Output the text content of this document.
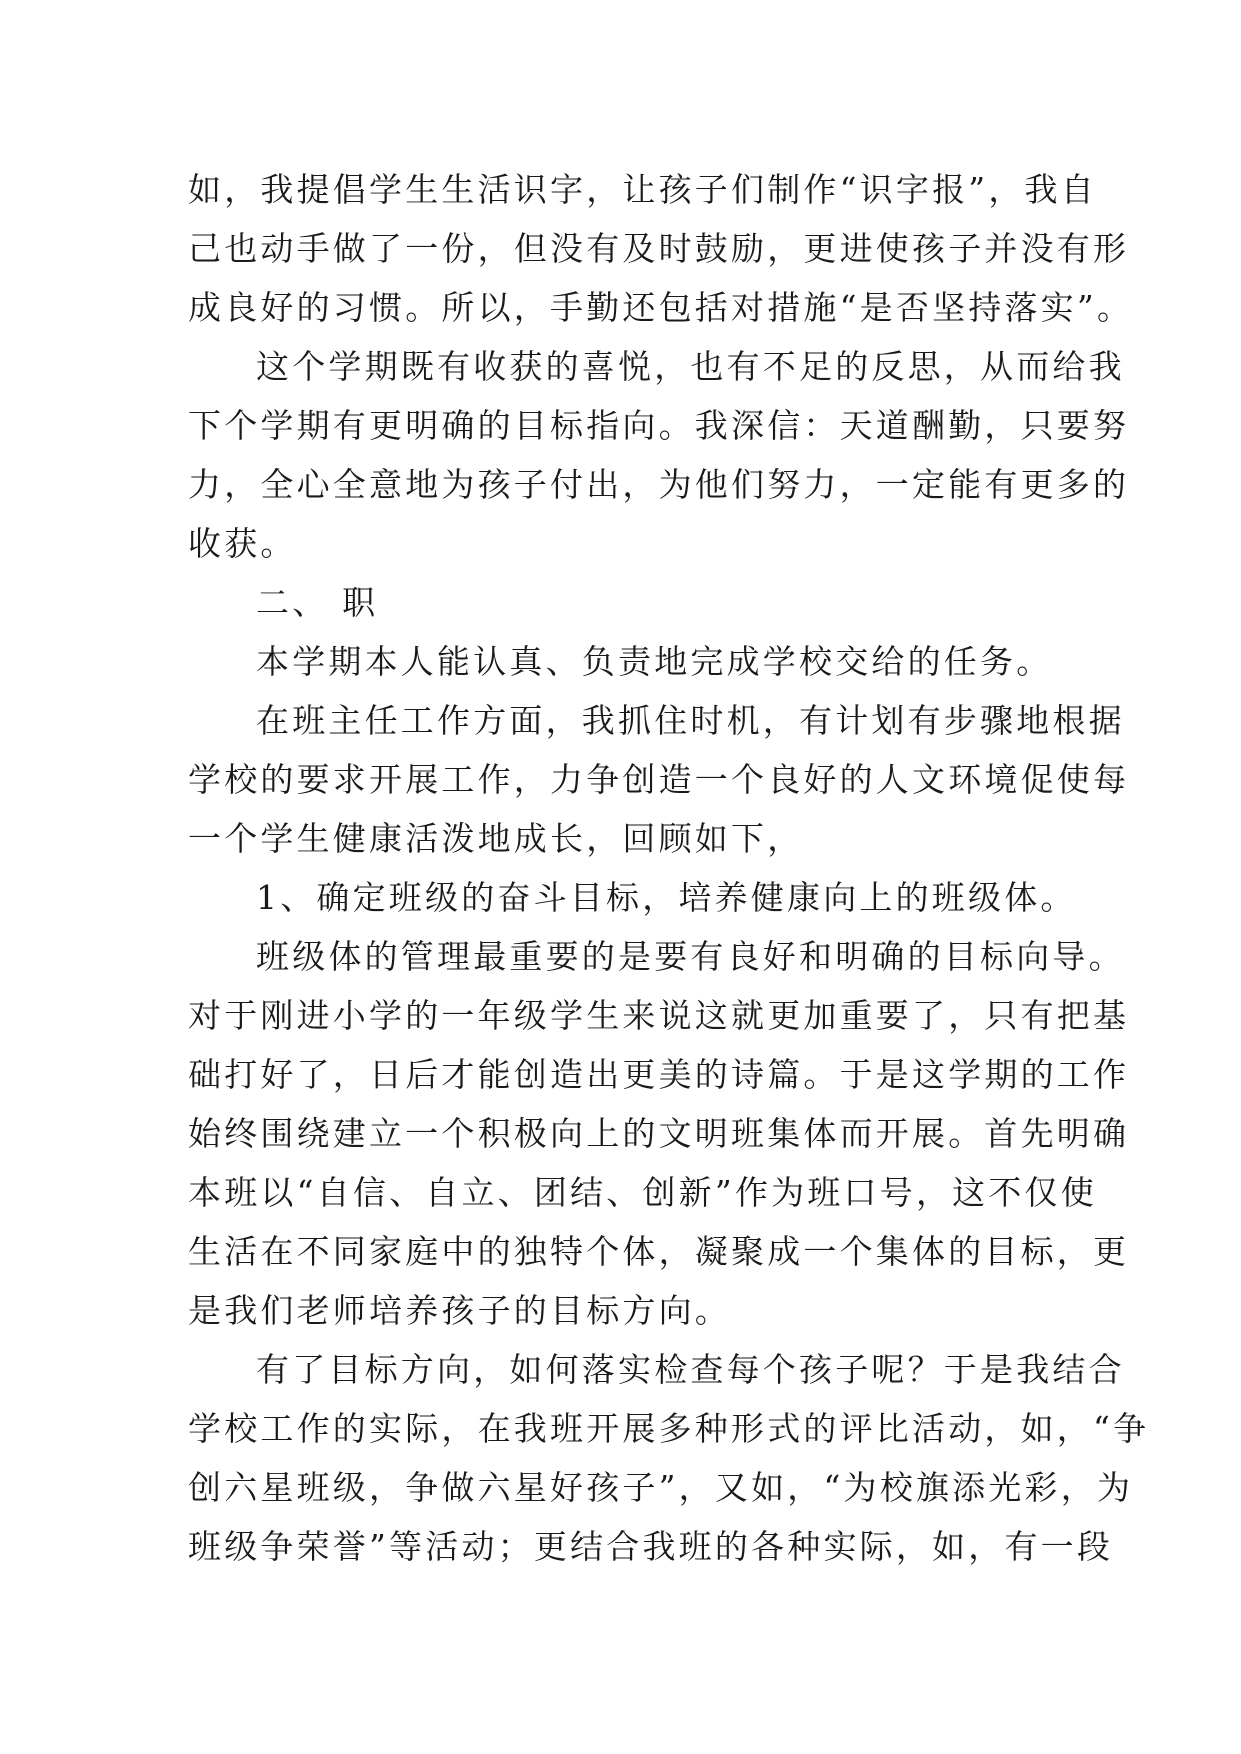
如，我提倡学生生活识字，让孩子们制作“识字报”，我自
己也动手做了一份，但没有及时鼓励，更进使孩子并没有形
成良好的习惯。所以，手勤还包括对措施“是否坚持落实”。
这个学期既有收获的喜悦，也有不足的反思，从而给我
下个学期有更明确的目标指向。我深信：天道酬勤，只要努
力，全心全意地为孩子付出，为他们努力，一定能有更多的
收获。
二、 职
本学期本人能认真、负责地完成学校交给的任务。
在班主任工作方面，我抓住时机，有计划有步骤地根据
学校的要求开展工作，力争创造一个良好的人文环境促使每
一个学生健康活泼地成长，回顾如下，
1、确定班级的奋斗目标，培养健康向上的班级体。
班级体的管理最重要的是要有良好和明确的目标向导。
对于刚进小学的一年级学生来说这就更加重要了，只有把基
础打好了，日后才能创造出更美的诗篇。于是这学期的工作
始终围绕建立一个积极向上的文明班集体而开展。首先明确
本班以“自信、自立、团结、创新”作为班口号，这不仅使
生活在不同家庭中的独特个体，凝聚成一个集体的目标，更
是我们老师培养孩子的目标方向。
有了目标方向，如何落实检查每个孩子呢？于是我结合
学校工作的实际，在我班开展多种形式的评比活动，如，“争
创六星班级，争做六星好孩子”，又如，“为校旗添光彩，为
班级争荣誉”等活动；更结合我班的各种实际，如，有一段
